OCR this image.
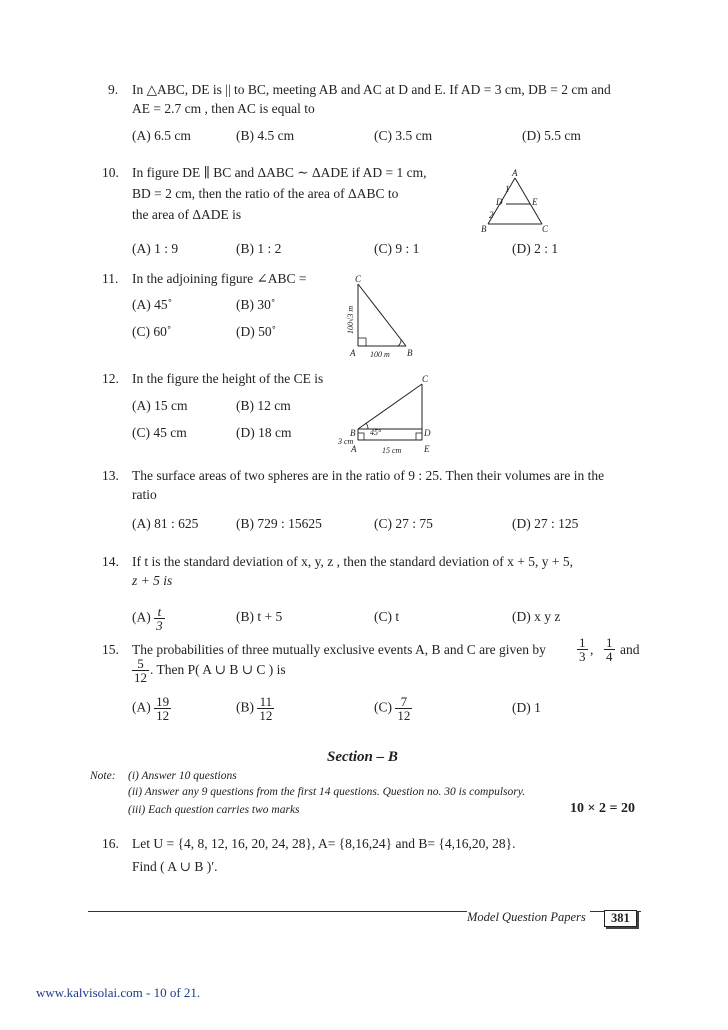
9. In △ABC, DE is || to BC, meeting AB and AC at D and E. If AD = 3 cm, DB = 2 cm and
AE = 2.7 cm , then AC is equal to
(A) 6.5 cm	(B) 4.5 cm	(C) 3.5 cm	(D) 5.5 cm
10. In figure DE ∥ BC and ΔABC ∼ ΔADE if AD = 1 cm,
BD = 2 cm, then the ratio of the area of ΔABC to
the area of ΔADE is
A
1
D	E
2
B	C
(A) 1 : 9	(B) 1 : 2	(C) 9 : 1	(D) 2 : 1
11. In the adjoining figure ∠ABC =
(A) 45˚	(B) 30˚
(C) 60˚	(D) 50˚
C
A	B
100 m
100√3 m
12. In the figure the height of the CE is
(A) 15 cm	(B) 12 cm
(C) 45 cm	(D) 18 cm
C
B 45°	D
3 cm
A	15 cm	E
13. The surface areas of two spheres are in the ratio of 9 : 25. Then their volumes are in the
ratio
(A) 81 : 625	(B) 729 : 15625	(C) 27 : 75	(D) 27 : 125
14. If t is the standard deviation of x, y, z , then the standard deviation of x + 5, y + 5,
z + 5 is
$(A) \frac{t}{3}$	(B) t + 5	(C) t	(D) x y z
15. The probabilities of three mutually exclusive events A, B and C are given by $\frac{1}{3}$ , $\frac{1}{4}$ and
$\frac{5}{12}$ . Then P( A ∪ B ∪ C ) is
$(A) \frac{19}{12}$	$(B) \frac{11}{12}$	$(C) \frac{7}{12}$	(D) 1
Section – B
Note: (i) Answer 10 questions
(ii) Answer any 9 questions from the first 14 questions. Question no. 30 is compulsory.
(iii) Each question carries two marks	10 × 2 = 20
16. Let U = {4, 8, 12, 16, 20, 24, 28}, A= {8,16,24} and B= {4,16,20, 28}.
Find ( A ∪ B )′.
Model Question Papers	381
www.kalvisolai.com - 10 of 21.
